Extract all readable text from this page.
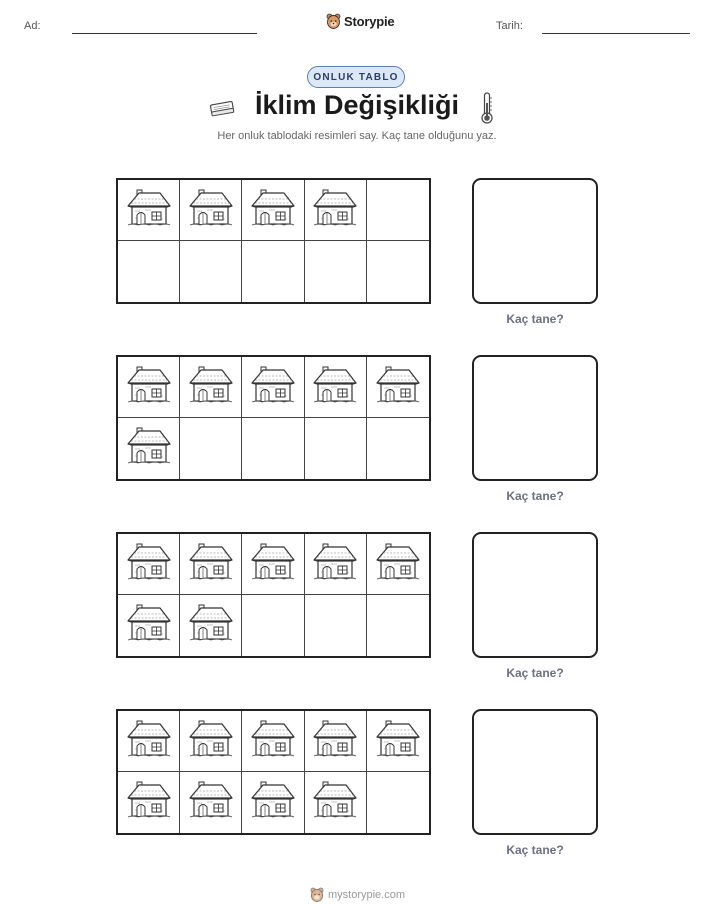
Ad:	Storypie	Tarih:
ONLUK TABLO
İklim Değişikliği
Her onluk tablodaki resimleri say. Kaç tane olduğunu yaz.
Kaç tane?
Kaç tane?
Kaç tane?
Kaç tane?
mystorypie.com
